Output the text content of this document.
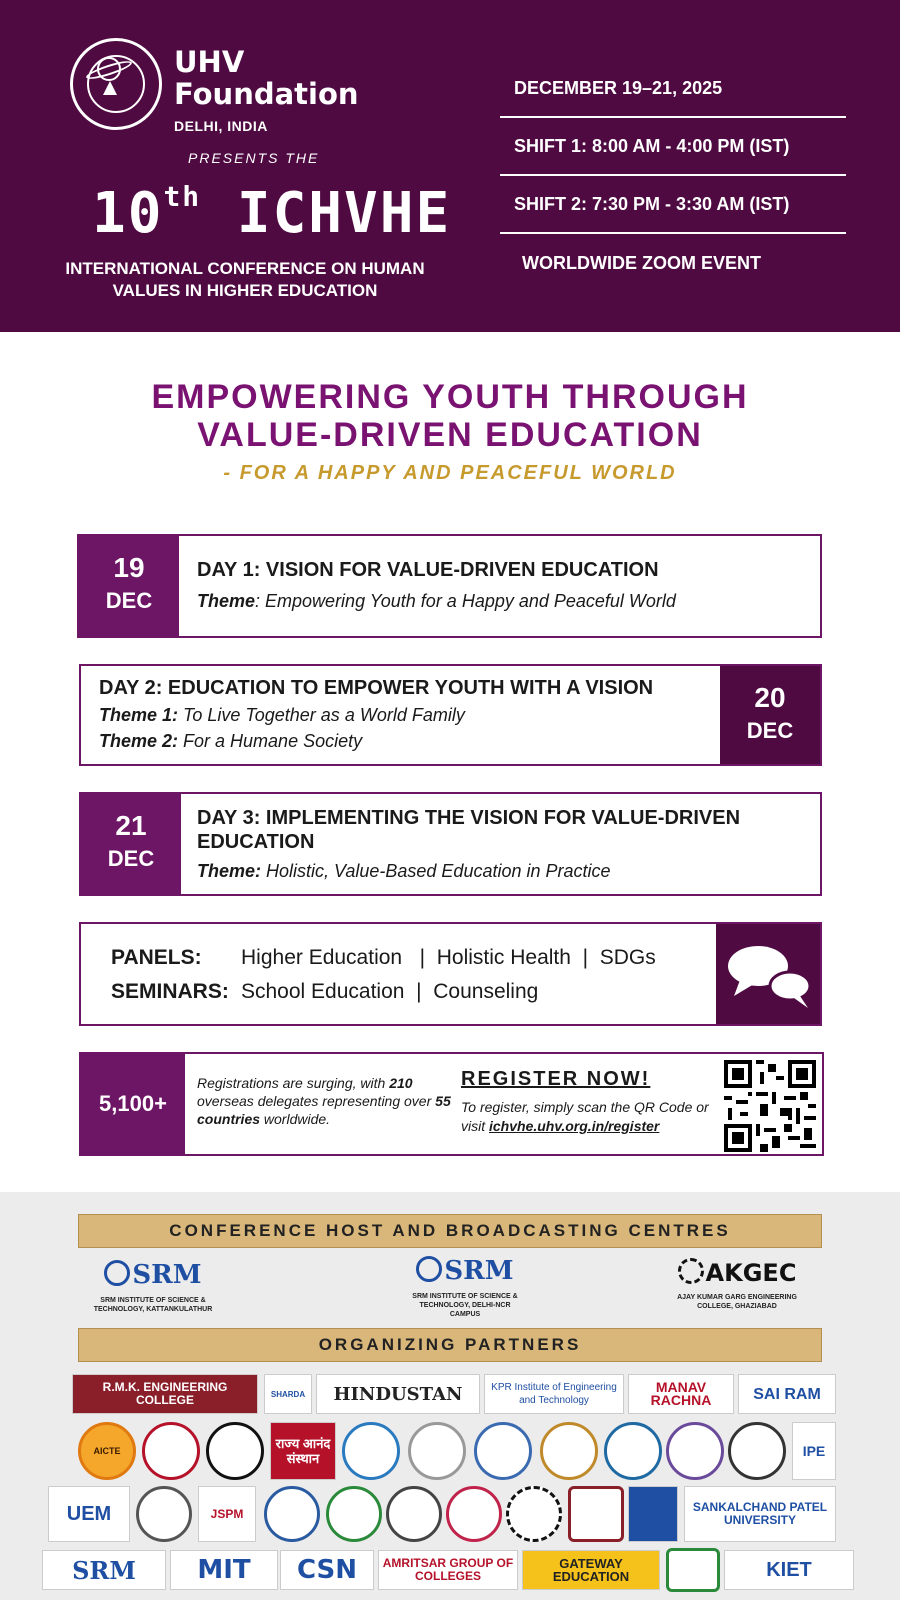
UHV Foundation
DELHI, INDIA
PRESENTS THE
10th ICHVHE
INTERNATIONAL CONFERENCE ON HUMAN VALUES IN HIGHER EDUCATION
DECEMBER 19–21, 2025
SHIFT 1: 8:00 AM - 4:00 PM (IST)
SHIFT 2: 7:30 PM - 3:30 AM (IST)
WORLDWIDE ZOOM EVENT
EMPOWERING YOUTH THROUGH
VALUE-DRIVEN EDUCATION
- FOR A HAPPY AND PEACEFUL WORLD
19
DEC
DAY 1: VISION FOR VALUE-DRIVEN EDUCATION
Theme: Empowering Youth for a Happy and Peaceful World
20
DEC
DAY 2: EDUCATION TO EMPOWER YOUTH WITH A VISION
Theme 1: To Live Together as a World Family
Theme 2: For a Humane Society
21
DEC
DAY 3: IMPLEMENTING THE VISION FOR VALUE-DRIVEN
EDUCATION
Theme: Holistic, Value-Based Education in Practice
PANELS: Higher Education   |  Holistic Health  |  SDGs
SEMINARS: School Education  |  Counseling
5,100+
Registrations are surging, with 210 overseas delegates representing over 55 countries worldwide.
REGISTER NOW!
To register, simply scan the QR Code or visit ichvhe.uhv.org.in/register
CONFERENCE HOST AND BROADCASTING CENTRES
SRM
SRM INSTITUTE OF SCIENCE & TECHNOLOGY, KATTANKULATHUR
SRM
SRM INSTITUTE OF SCIENCE & TECHNOLOGY, DELHI-NCR CAMPUS
AKGEC
AJAY KUMAR GARG ENGINEERING COLLEGE, GHAZIABAD
ORGANIZING PARTNERS
R.M.K. ENGINEERING COLLEGE	SHARDA	HINDUSTAN	KPR Institute of Engineering and Technology
MANAV RACHNA	SAI RAM
AICTE	राज्य आनंद संस्थान	IPE
UEM	JSPM	SANKALCHAND PATEL UNIVERSITY
SRM	MIT	CSN	AMRITSAR GROUP OF COLLEGES
GATEWAY EDUCATION	KIET
